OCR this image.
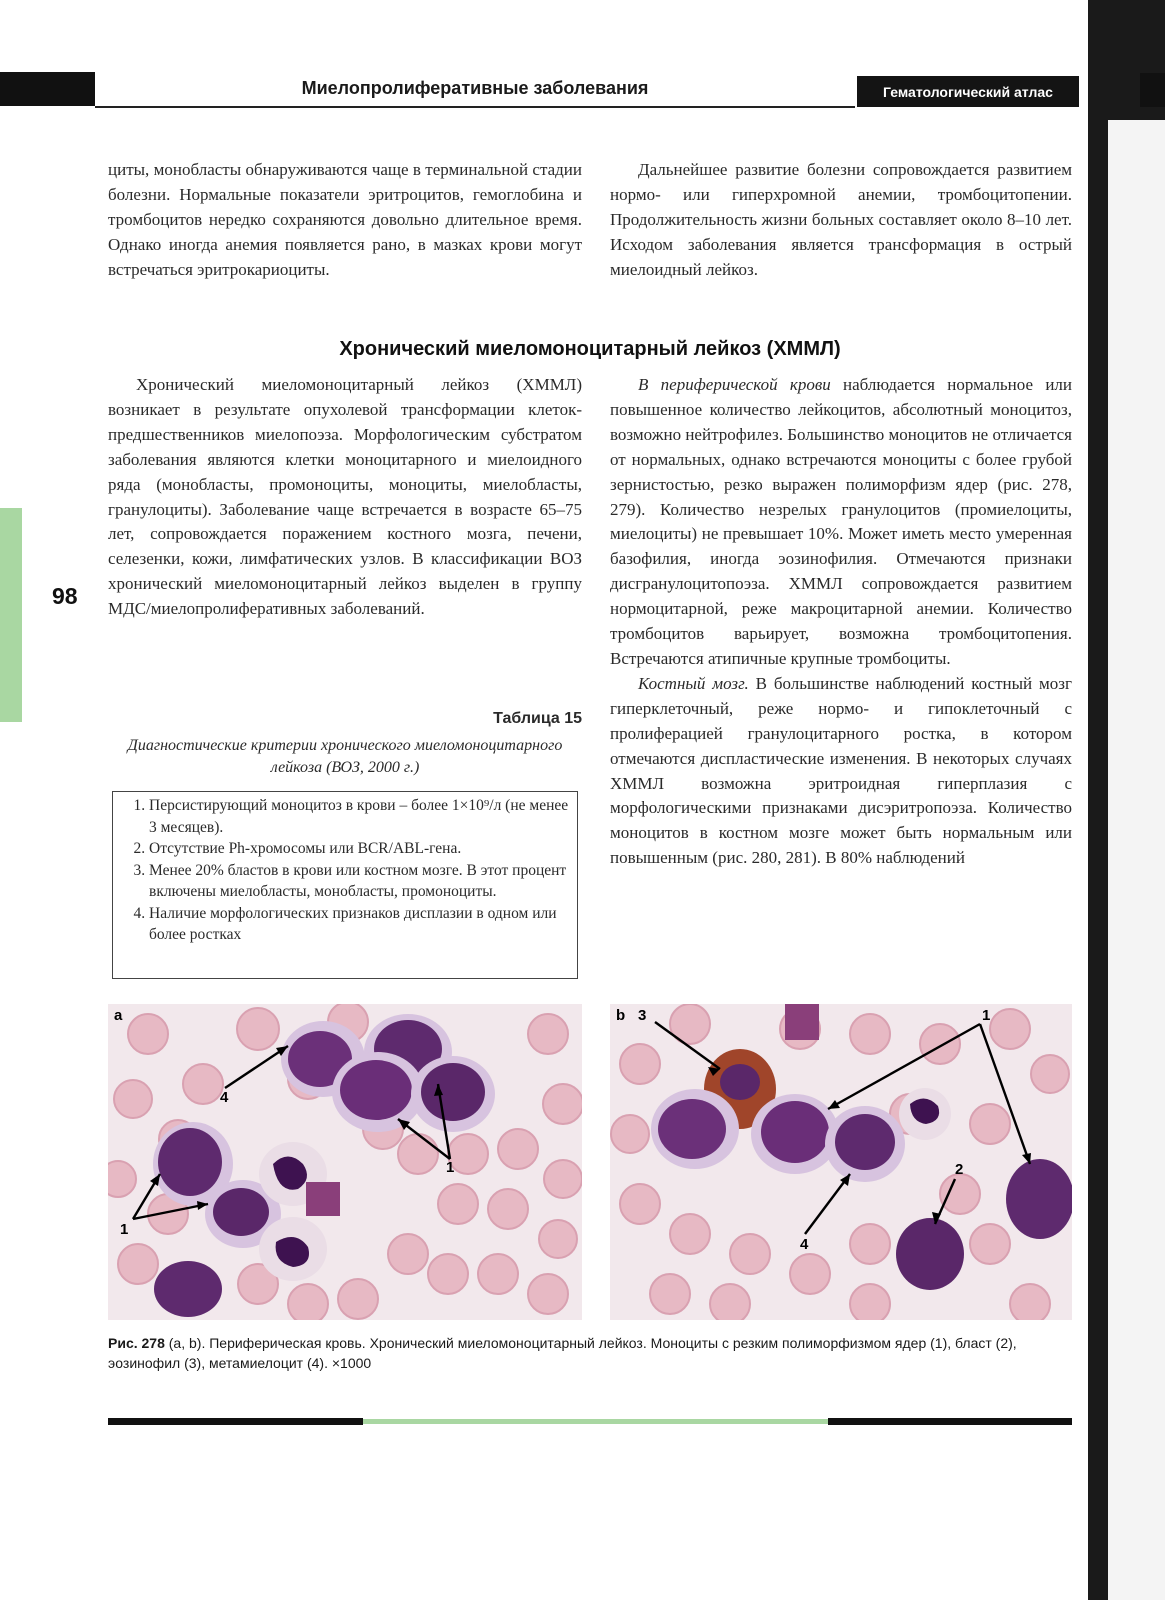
Миелопролиферативные заболевания	Гематологический атлас
98

циты, монобласты обнаруживаются чаще в терминальной стадии болезни. Нормальные показатели эритроцитов, гемоглобина и тромбоцитов нередко сохраняются довольно длительное время. Однако иногда анемия появляется рано, в мазках крови могут встречаться эритрокариоциты.

Дальнейшее развитие болезни сопровождается развитием нормо- или гиперхромной анемии, тромбоцитопении. Продолжительность жизни больных составляет около 8–10 лет. Исходом заболевания является трансформация в острый миелоидный лейкоз.

Хронический миеломоноцитарный лейкоз (ХММЛ)

Хронический миеломоноцитарный лейкоз (ХММЛ) возникает в результате опухолевой трансформации клеток-предшественников миелопоэза. Морфологическим субстратом заболевания являются клетки моноцитарного и миелоидного ряда (монобласты, промоноциты, моноциты, миелобласты, гранулоциты). Заболевание чаще встречается в возрасте 65–75 лет, сопровождается поражением костного мозга, печени, селезенки, кожи, лимфатических узлов. В классификации ВОЗ хронический миеломоноцитарный лейкоз выделен в группу МДС/миелопролиферативных заболеваний.

Таблица 15
Диагностические критерии хронического миеломоноцитарного лейкоза (ВОЗ, 2000 г.)
1. Персистирующий моноцитоз в крови – более 1×10⁹/л (не менее 3 месяцев).
2. Отсутствие Ph-хромосомы или BCR/ABL-гена.
3. Менее 20% бластов в крови или костном мозге. В этот процент включены миелобласты, монобласты, промоноциты.
4. Наличие морфологических признаков дисплазии в одном или более ростках

В периферической крови наблюдается нормальное или повышенное количество лейкоцитов, абсолютный моноцитоз, возможно нейтрофилез. Большинство моноцитов не отличается от нормальных, однако встречаются моноциты с более грубой зернистостью, резко выражен полиморфизм ядер (рис. 278, 279). Количество незрелых гранулоцитов (промиелоциты, миелоциты) не превышает 10%. Может иметь место умеренная базофилия, иногда эозинофилия. Отмечаются признаки дисгранулоцитопоэза. ХММЛ сопровождается развитием нормоцитарной, реже макроцитарной анемии. Количество тромбоцитов варьирует, возможна тромбоцитопения. Встречаются атипичные крупные тромбоциты.

Костный мозг. В большинстве наблюдений костный мозг гиперклеточный, реже нормо- и гипоклеточный с пролиферацией гранулоцитарного ростка, в котором отмечаются диспластические изменения. В некоторых случаях ХММЛ возможна эритроидная гиперплазия с морфологическими признаками дисэритропоэза. Количество моноцитов в костном мозге может быть нормальным или повышенным (рис. 280, 281). В 80% наблюдений

a
4
1
1
b 3	1
2
4
Рис. 278 (a, b). Периферическая кровь. Хронический миеломоноцитарный лейкоз. Моноциты с резким полиморфизмом ядер (1), бласт (2), эозинофил (3), метамиелоцит (4). ×1000
